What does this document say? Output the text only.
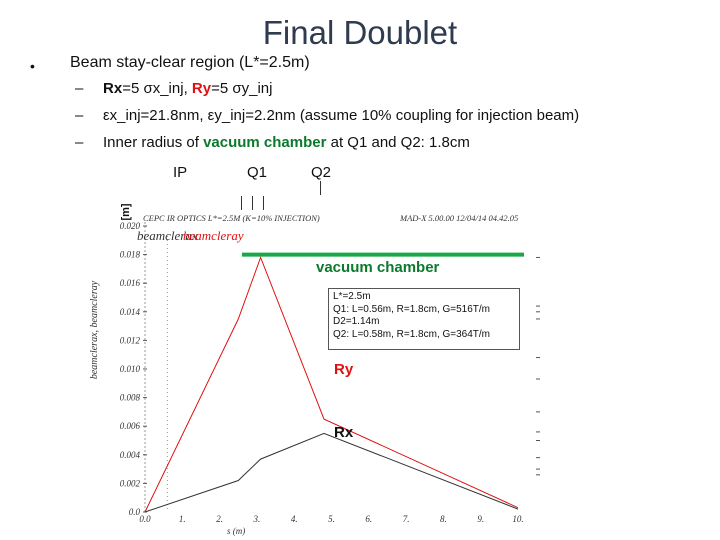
Final Doublet
• Beam stay-clear region (L*=2.5m)
– Rx=5 σx_inj, Ry=5 σy_inj
– εx_inj=21.8nm, εy_inj=2.2nm (assume 10% coupling for injection beam)
– Inner radius of vacuum chamber at Q1 and Q2: 1.8cm
IP	Q1	Q2
CEPC IR OPTICS L*=2.5M (K=10% INJECTION)	MAD-X 5.00.00 12/04/14 04.42.05
beamclerax, beamcleray
[m]
0.0
0.002
0.004
0.006
0.008
0.010
0.012
0.014
0.016
0.018
0.020
0.0	1.	2.	3.	4.	5.	6.	7.	8.	9.	10.
s (m)
beamclerax
beamcleray
vacuum chamber
L*=2.5m
Q1: L=0.56m, R=1.8cm, G=516T/m
D2=1.14m
Q2: L=0.58m, R=1.8cm, G=364T/m
Ry
Rx
